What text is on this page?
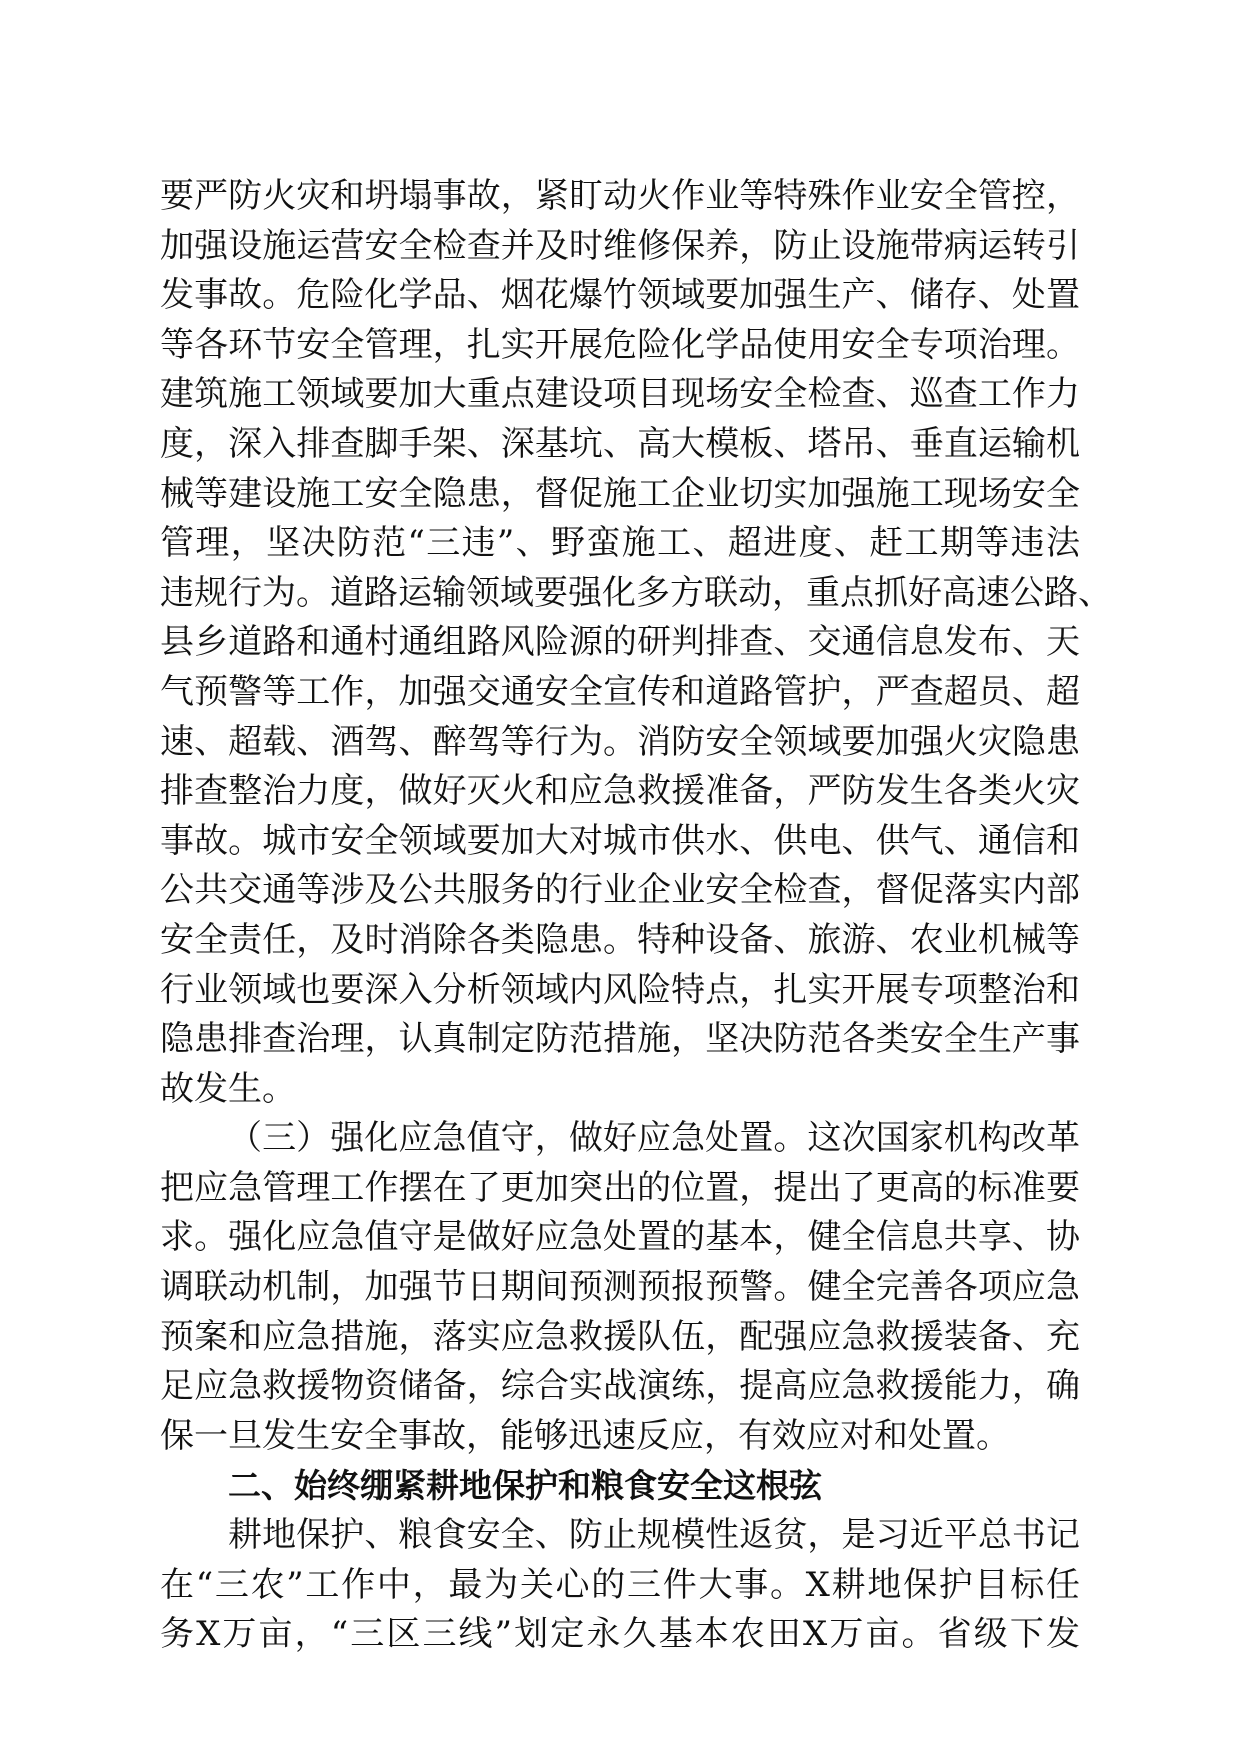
要严防火灾和坍塌事故，紧盯动火作业等特殊作业安全管控，
加强设施运营安全检查并及时维修保养，防止设施带病运转引
发事故。危险化学品、烟花爆竹领域要加强生产、储存、处置
等各环节安全管理，扎实开展危险化学品使用安全专项治理。
建筑施工领域要加大重点建设项目现场安全检查、巡查工作力
度，深入排查脚手架、深基坑、高大模板、塔吊、垂直运输机
械等建设施工安全隐患，督促施工企业切实加强施工现场安全
管理，坚决防范“三违”、野蛮施工、超进度、赶工期等违法
违规行为。道路运输领域要强化多方联动，重点抓好高速公路、
县乡道路和通村通组路风险源的研判排查、交通信息发布、天
气预警等工作，加强交通安全宣传和道路管护，严查超员、超
速、超载、酒驾、醉驾等行为。消防安全领域要加强火灾隐患
排查整治力度，做好灭火和应急救援准备，严防发生各类火灾
事故。城市安全领域要加大对城市供水、供电、供气、通信和
公共交通等涉及公共服务的行业企业安全检查，督促落实内部
安全责任，及时消除各类隐患。特种设备、旅游、农业机械等
行业领域也要深入分析领域内风险特点，扎实开展专项整治和
隐患排查治理，认真制定防范措施，坚决防范各类安全生产事
故发生。
（三）强化应急值守，做好应急处置。这次国家机构改革
把应急管理工作摆在了更加突出的位置，提出了更高的标准要
求。强化应急值守是做好应急处置的基本，健全信息共享、协
调联动机制，加强节日期间预测预报预警。健全完善各项应急
预案和应急措施，落实应急救援队伍，配强应急救援装备、充
足应急救援物资储备，综合实战演练，提高应急救援能力，确
保一旦发生安全事故，能够迅速反应，有效应对和处置。
二、始终绷紧耕地保护和粮食安全这根弦
耕地保护、粮食安全、防止规模性返贫，是习近平总书记
在“三农”工作中，最为关心的三件大事。X耕地保护目标任
务X万亩，“三区三线”划定永久基本农田X万亩。省级下发
